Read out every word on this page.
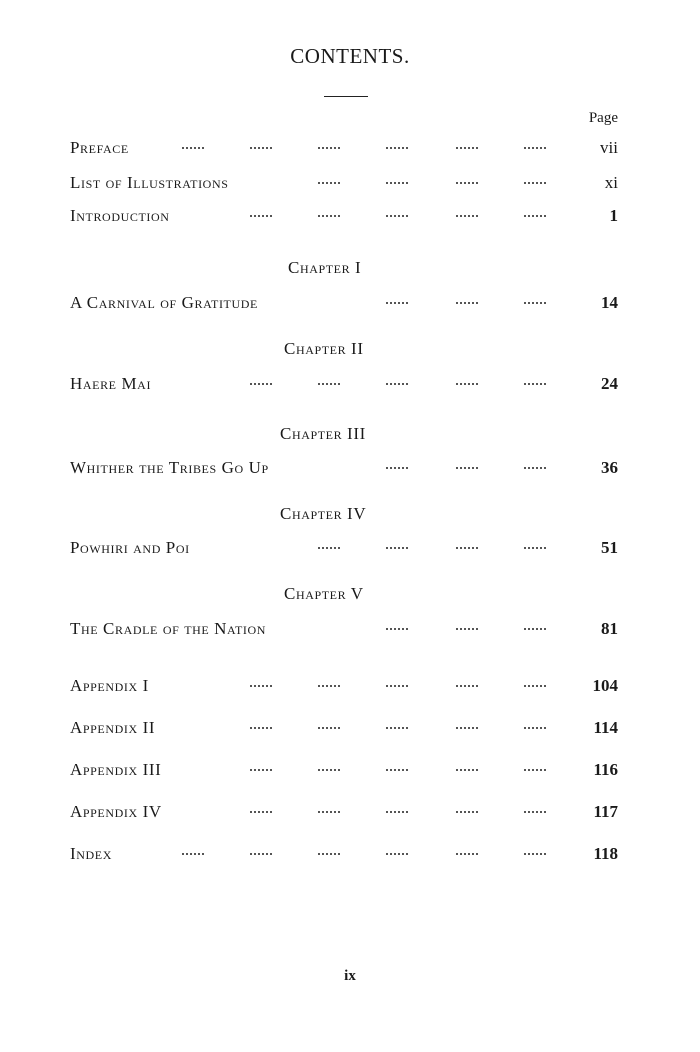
CONTENTS.
Page
Preface	vii
List of Illustrations	xi
Introduction	1
Chapter I
A Carnival of Gratitude	14
Chapter II
Haere Mai	24
Chapter III
Whither the Tribes Go Up	36
Chapter IV
Powhiri and Poi	51
Chapter V
The Cradle of the Nation	81
Appendix I	104
Appendix II	114
Appendix III	116
Appendix IV	117
Index	118
ix
